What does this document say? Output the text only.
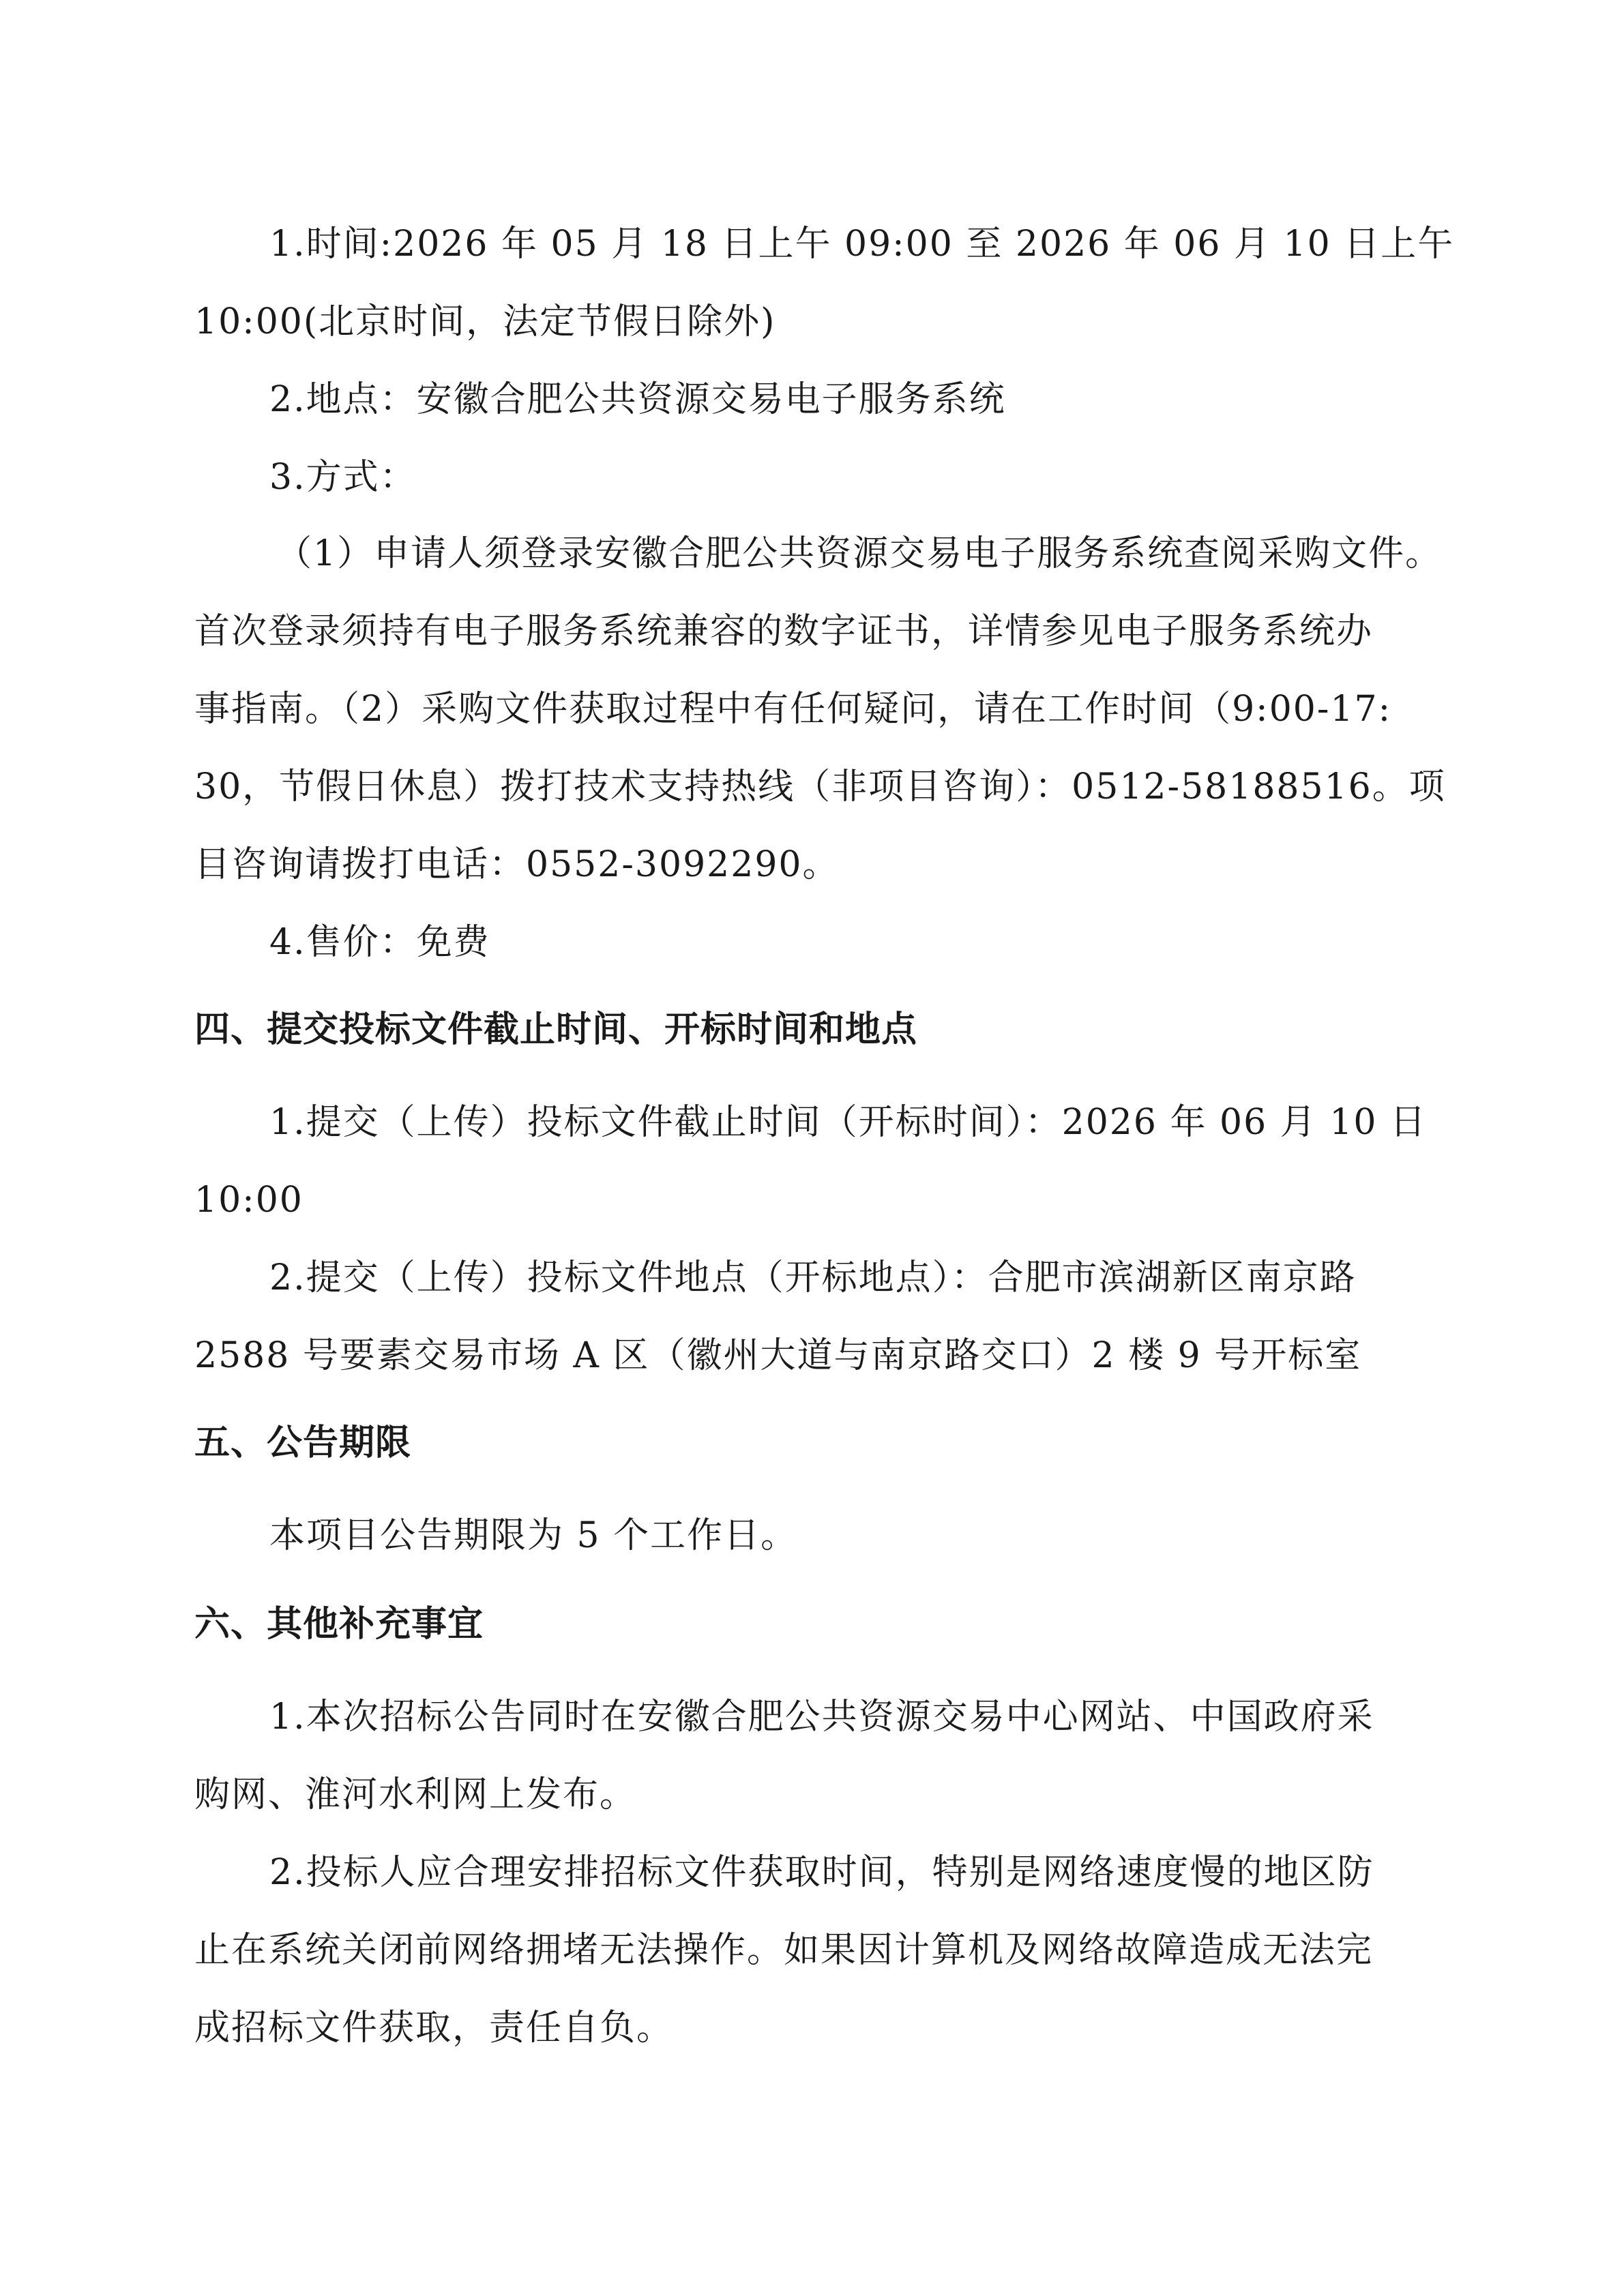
1.时间:2026 年 05 月 18 日上午 09:00 至 2026 年 06 月 10 日上午
10:00(北京时间，法定节假日除外)
2.地点：安徽合肥公共资源交易电子服务系统
3.方式：
（1）申请人须登录安徽合肥公共资源交易电子服务系统查阅采购文件。
首次登录须持有电子服务系统兼容的数字证书，详情参见电子服务系统办
事指南。（2）采购文件获取过程中有任何疑问，请在工作时间（9:00-17:
30，节假日休息）拨打技术支持热线（非项目咨询）：0512-58188516。项
目咨询请拨打电话：0552-3092290。
4.售价：免费
四、提交投标文件截止时间、开标时间和地点
1.提交（上传）投标文件截止时间（开标时间）：2026 年 06 月 10 日
10:00
2.提交（上传）投标文件地点（开标地点）：合肥市滨湖新区南京路
2588 号要素交易市场 A 区（徽州大道与南京路交口）2 楼 9 号开标室
五、公告期限
本项目公告期限为 5 个工作日。
六、其他补充事宜
1.本次招标公告同时在安徽合肥公共资源交易中心网站、中国政府采
购网、淮河水利网上发布。
2.投标人应合理安排招标文件获取时间，特别是网络速度慢的地区防
止在系统关闭前网络拥堵无法操作。如果因计算机及网络故障造成无法完
成招标文件获取，责任自负。
